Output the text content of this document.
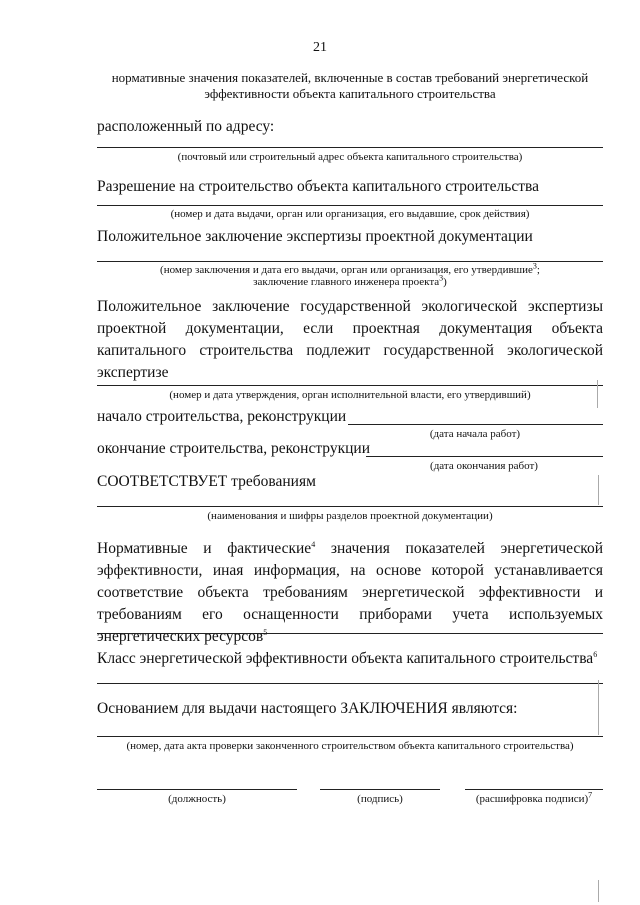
21
нормативные значения показателей, включенные в состав требований энергетической эффективности объекта капитального строительства
расположенный по адресу:
(почтовый или строительный адрес объекта капитального строительства)
Разрешение на строительство объекта капитального строительства
(номер и дата выдачи, орган или организация, его выдавшие, срок действия)
Положительное заключение экспертизы проектной документации
(номер заключения и дата его выдачи, орган или организация, его утвердившие$^3$;
заключение главного инженера проекта$^3$)
Положительное заключение государственной экологической экспертизы проектной документации, если проектная документация объекта капитального строительства подлежит государственной экологической экспертизе
(номер и дата утверждения, орган исполнительной власти, его утвердивший)
начало строительства, реконструкции
(дата начала работ)
окончание строительства, реконструкции
(дата окончания работ)
СООТВЕТСТВУЕТ требованиям
(наименования и шифры разделов проектной документации)
Нормативные и фактические$^4$ значения показателей энергетической эффективности, иная информация, на основе которой устанавливается соответствие объекта требованиям энергетической эффективности и требованиям его оснащенности приборами учета используемых энергетических ресурсов$^5$
Класс энергетической эффективности объекта капитального строительства$^6$
Основанием для выдачи настоящего ЗАКЛЮЧЕНИЯ являются:
(номер, дата акта проверки законченного строительством объекта капитального строительства)
(должность)	(подпись)	(расшифровка подписи)$^7$
